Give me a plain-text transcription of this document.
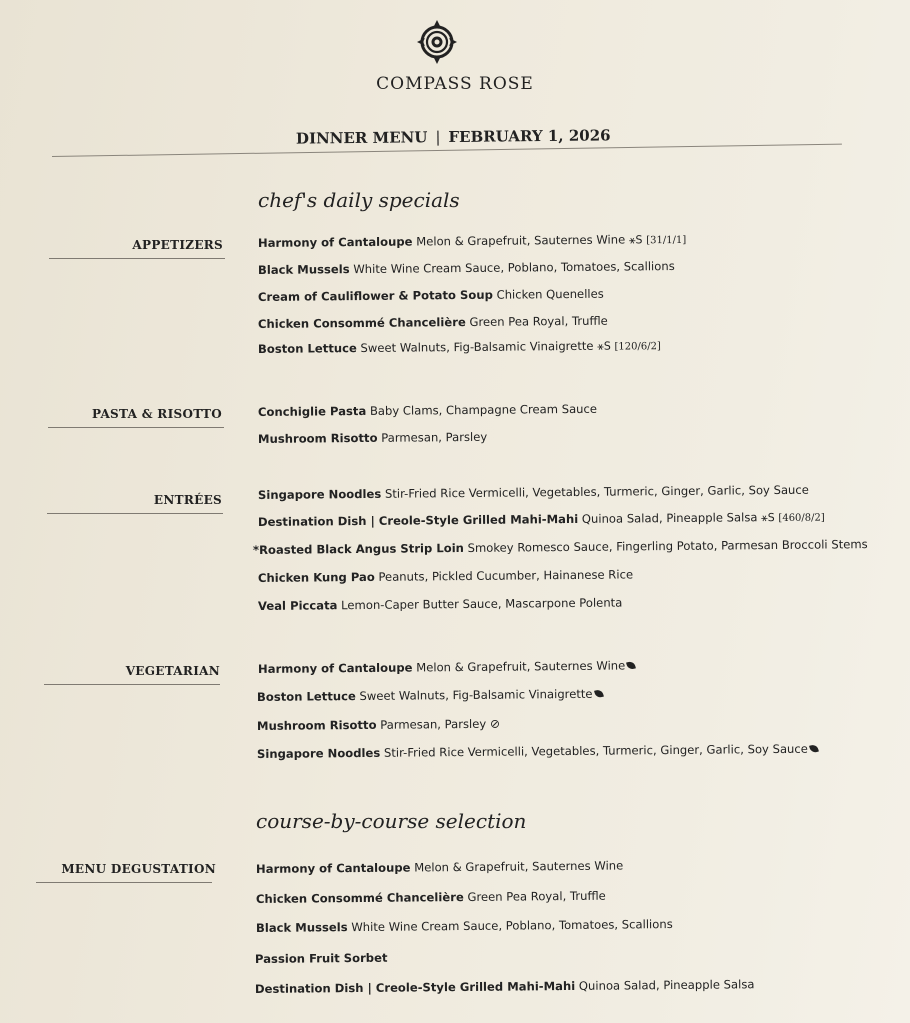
COMPASS ROSE
DINNER MENU | FEBRUARY 1, 2026
chef's daily specials
APPETIZERS	Harmony of Cantaloupe Melon & Grapefruit, Sauternes Wine ⚹S [31/1/1]
Black Mussels White Wine Cream Sauce, Poblano, Tomatoes, Scallions
Cream of Cauliflower & Potato Soup Chicken Quenelles
Chicken Consommé Chancelière Green Pea Royal, Truffle
Boston Lettuce Sweet Walnuts, Fig-Balsamic Vinaigrette ⚹S [120/6/2]
PASTA & RISOTTO	Conchiglie Pasta Baby Clams, Champagne Cream Sauce
Mushroom Risotto Parmesan, Parsley
ENTRÉES	Singapore Noodles Stir-Fried Rice Vermicelli, Vegetables, Turmeric, Ginger, Garlic, Soy Sauce
Destination Dish | Creole-Style Grilled Mahi-Mahi Quinoa Salad, Pineapple Salsa ⚹S [460/8/2]
*Roasted Black Angus Strip Loin Smokey Romesco Sauce, Fingerling Potato, Parmesan Broccoli Stems
Chicken Kung Pao Peanuts, Pickled Cucumber, Hainanese Rice
Veal Piccata Lemon-Caper Butter Sauce, Mascarpone Polenta
VEGETARIAN	Harmony of Cantaloupe Melon & Grapefruit, Sauternes Wine
Boston Lettuce Sweet Walnuts, Fig-Balsamic Vinaigrette
Mushroom Risotto Parmesan, Parsley ⊘
Singapore Noodles Stir-Fried Rice Vermicelli, Vegetables, Turmeric, Ginger, Garlic, Soy Sauce
course-by-course selection
MENU DEGUSTATION	Harmony of Cantaloupe Melon & Grapefruit, Sauternes Wine
Chicken Consommé Chancelière Green Pea Royal, Truffle
Black Mussels White Wine Cream Sauce, Poblano, Tomatoes, Scallions
Passion Fruit Sorbet
Destination Dish | Creole-Style Grilled Mahi-Mahi Quinoa Salad, Pineapple Salsa
